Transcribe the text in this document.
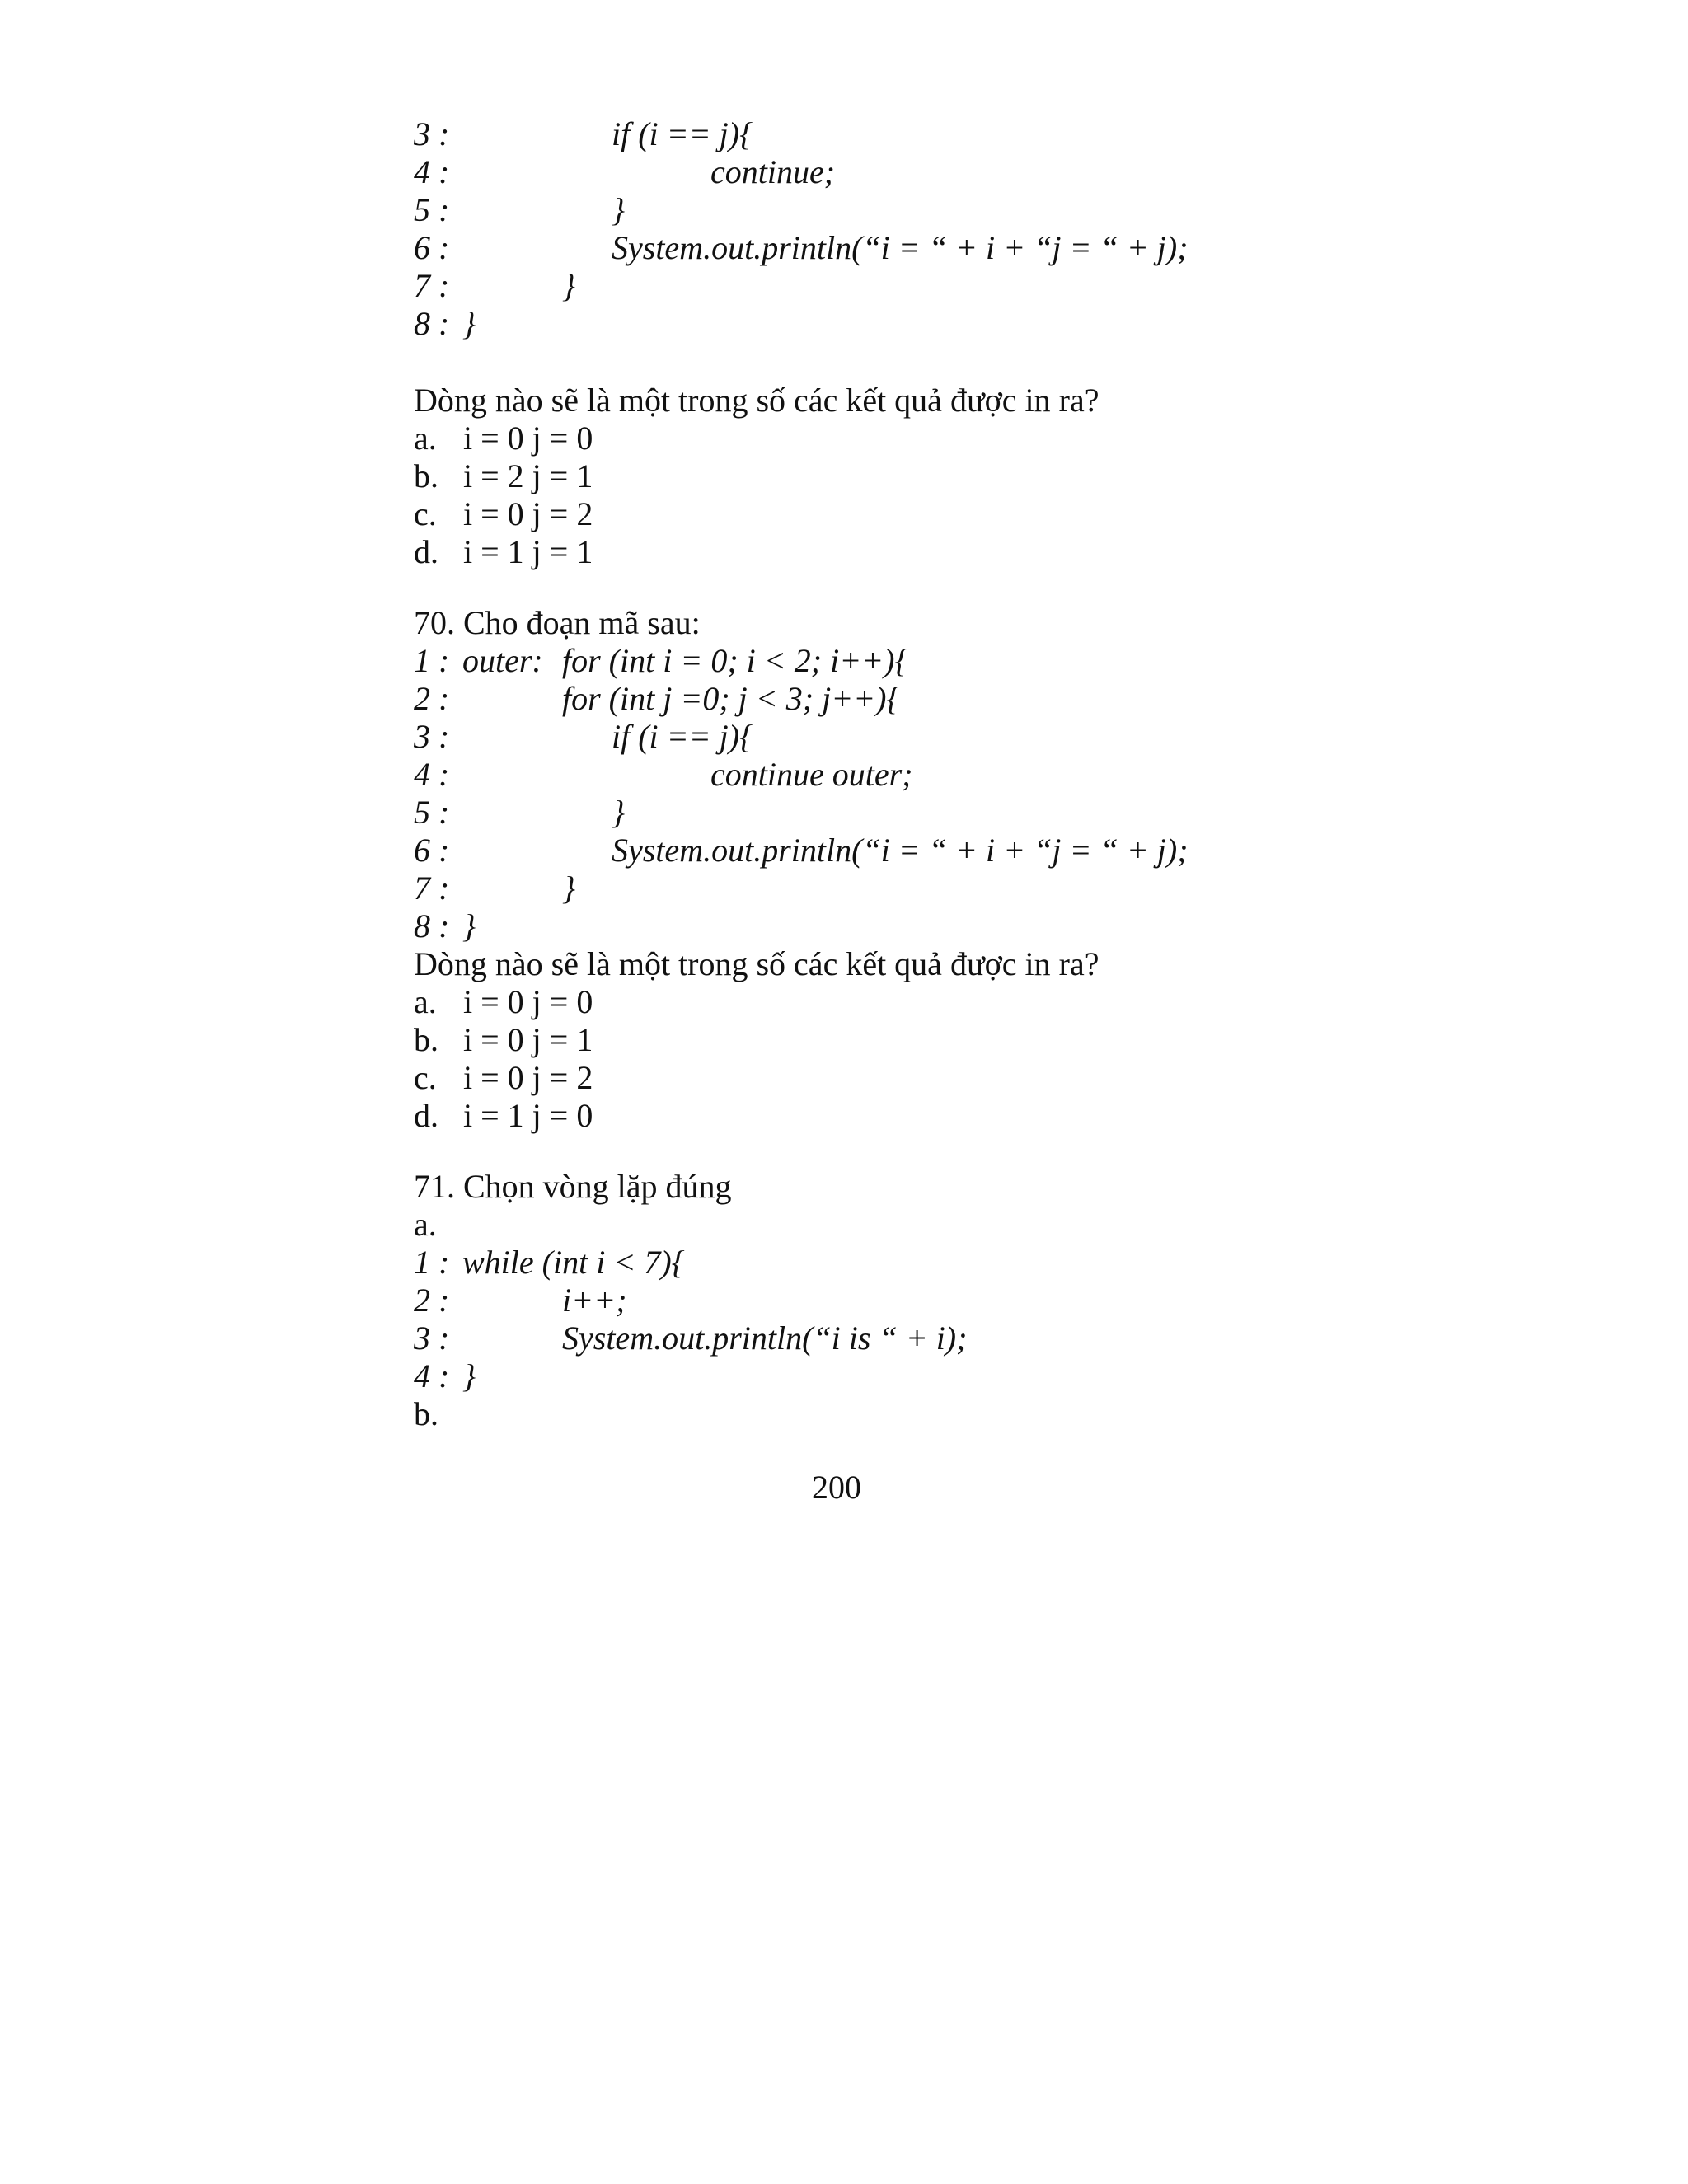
3 :

	if (i == j){

4 :

	continue;

5 :

	}

6 :

	System.out.println(“i = “ + i + “j = “ + j);

7 :

	}

8 :

}

Dòng nào sẽ là một trong số các kết quả được in ra?

a.

i = 0 j = 0

b.

i = 2 j = 1

c.

i = 0 j = 2

d.

i = 1 j = 1

70. Cho đoạn mã sau:

1 :

outer:

for (int i = 0; i < 2; i++){

2 :

	for (int j =0; j < 3; j++){

3 :

	if (i == j){

4 :

	continue outer;

5 :

	}

6 :

	System.out.println(“i = “ + i + “j = “ + j);

7 :

	}

8 :

}

Dòng nào sẽ là một trong số các kết quả được in ra?

a.

i = 0 j = 0

b.

i = 0 j = 1

c.

i = 0 j = 2

d.

i = 1 j = 0

71. Chọn vòng lặp đúng

a.

1 :

while (int i < 7){

2 :

	i++;

3 :

	System.out.println(“i is “ + i);

4 :

}

b.

200
